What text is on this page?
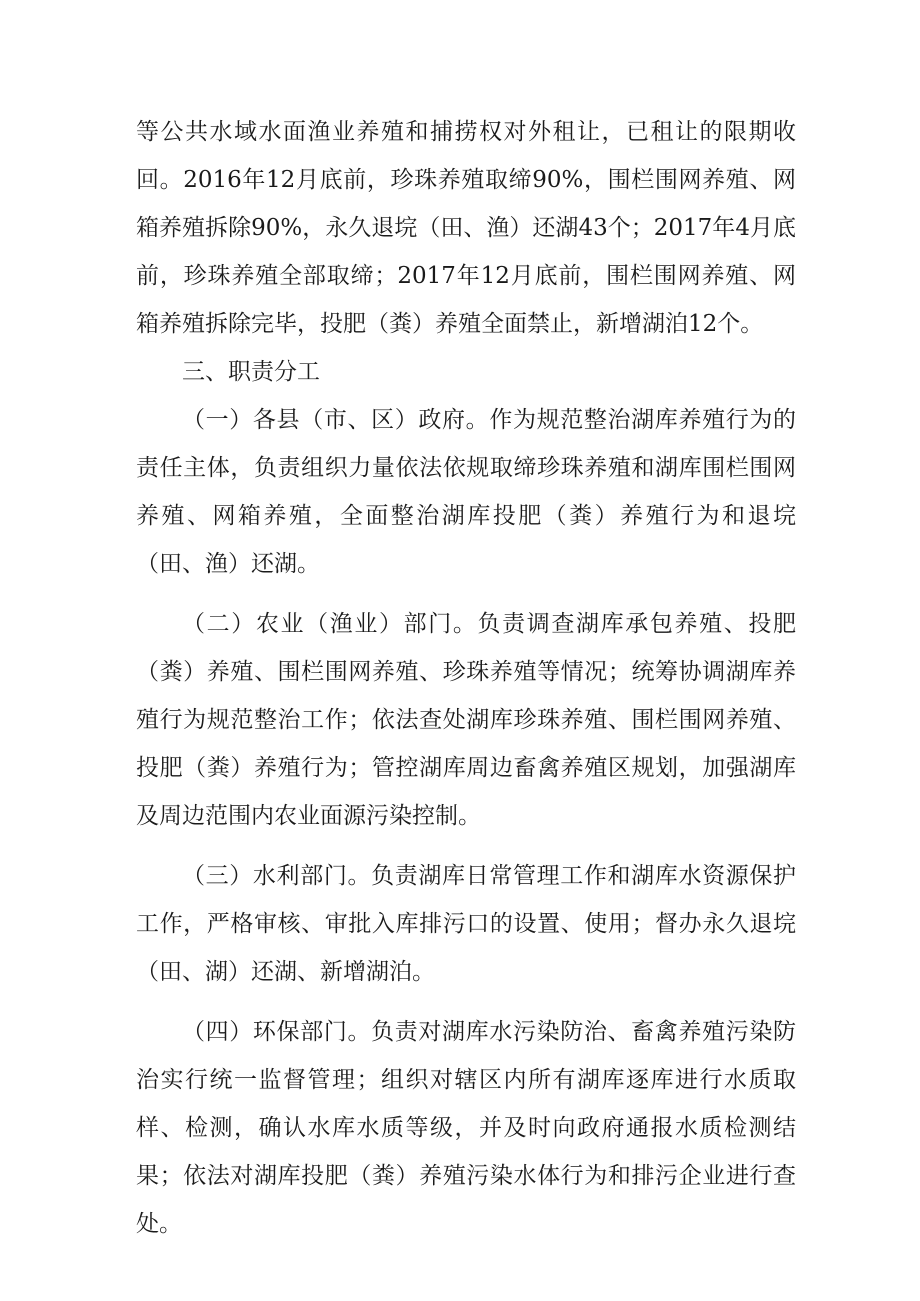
等公共水域水面渔业养殖和捕捞权对外租让，已租让的限期收回。2016年12月底前，珍珠养殖取缔90%，围栏围网养殖、网箱养殖拆除90%，永久退垸（田、渔）还湖43个；2017年4月底前，珍珠养殖全部取缔；2017年12月底前，围栏围网养殖、网箱养殖拆除完毕，投肥（粪）养殖全面禁止，新增湖泊12个。

三、职责分工

（一）各县（市、区）政府。作为规范整治湖库养殖行为的责任主体，负责组织力量依法依规取缔珍珠养殖和湖库围栏围网养殖、网箱养殖，全面整治湖库投肥（粪）养殖行为和退垸（田、渔）还湖。

（二）农业（渔业）部门。负责调查湖库承包养殖、投肥（粪）养殖、围栏围网养殖、珍珠养殖等情况；统筹协调湖库养殖行为规范整治工作；依法查处湖库珍珠养殖、围栏围网养殖、投肥（粪）养殖行为；管控湖库周边畜禽养殖区规划，加强湖库及周边范围内农业面源污染控制。

（三）水利部门。负责湖库日常管理工作和湖库水资源保护工作，严格审核、审批入库排污口的设置、使用；督办永久退垸（田、湖）还湖、新增湖泊。

（四）环保部门。负责对湖库水污染防治、畜禽养殖污染防治实行统一监督管理；组织对辖区内所有湖库逐库进行水质取样、检测，确认水库水质等级，并及时向政府通报水质检测结果；依法对湖库投肥（粪）养殖污染水体行为和排污企业进行查处。
